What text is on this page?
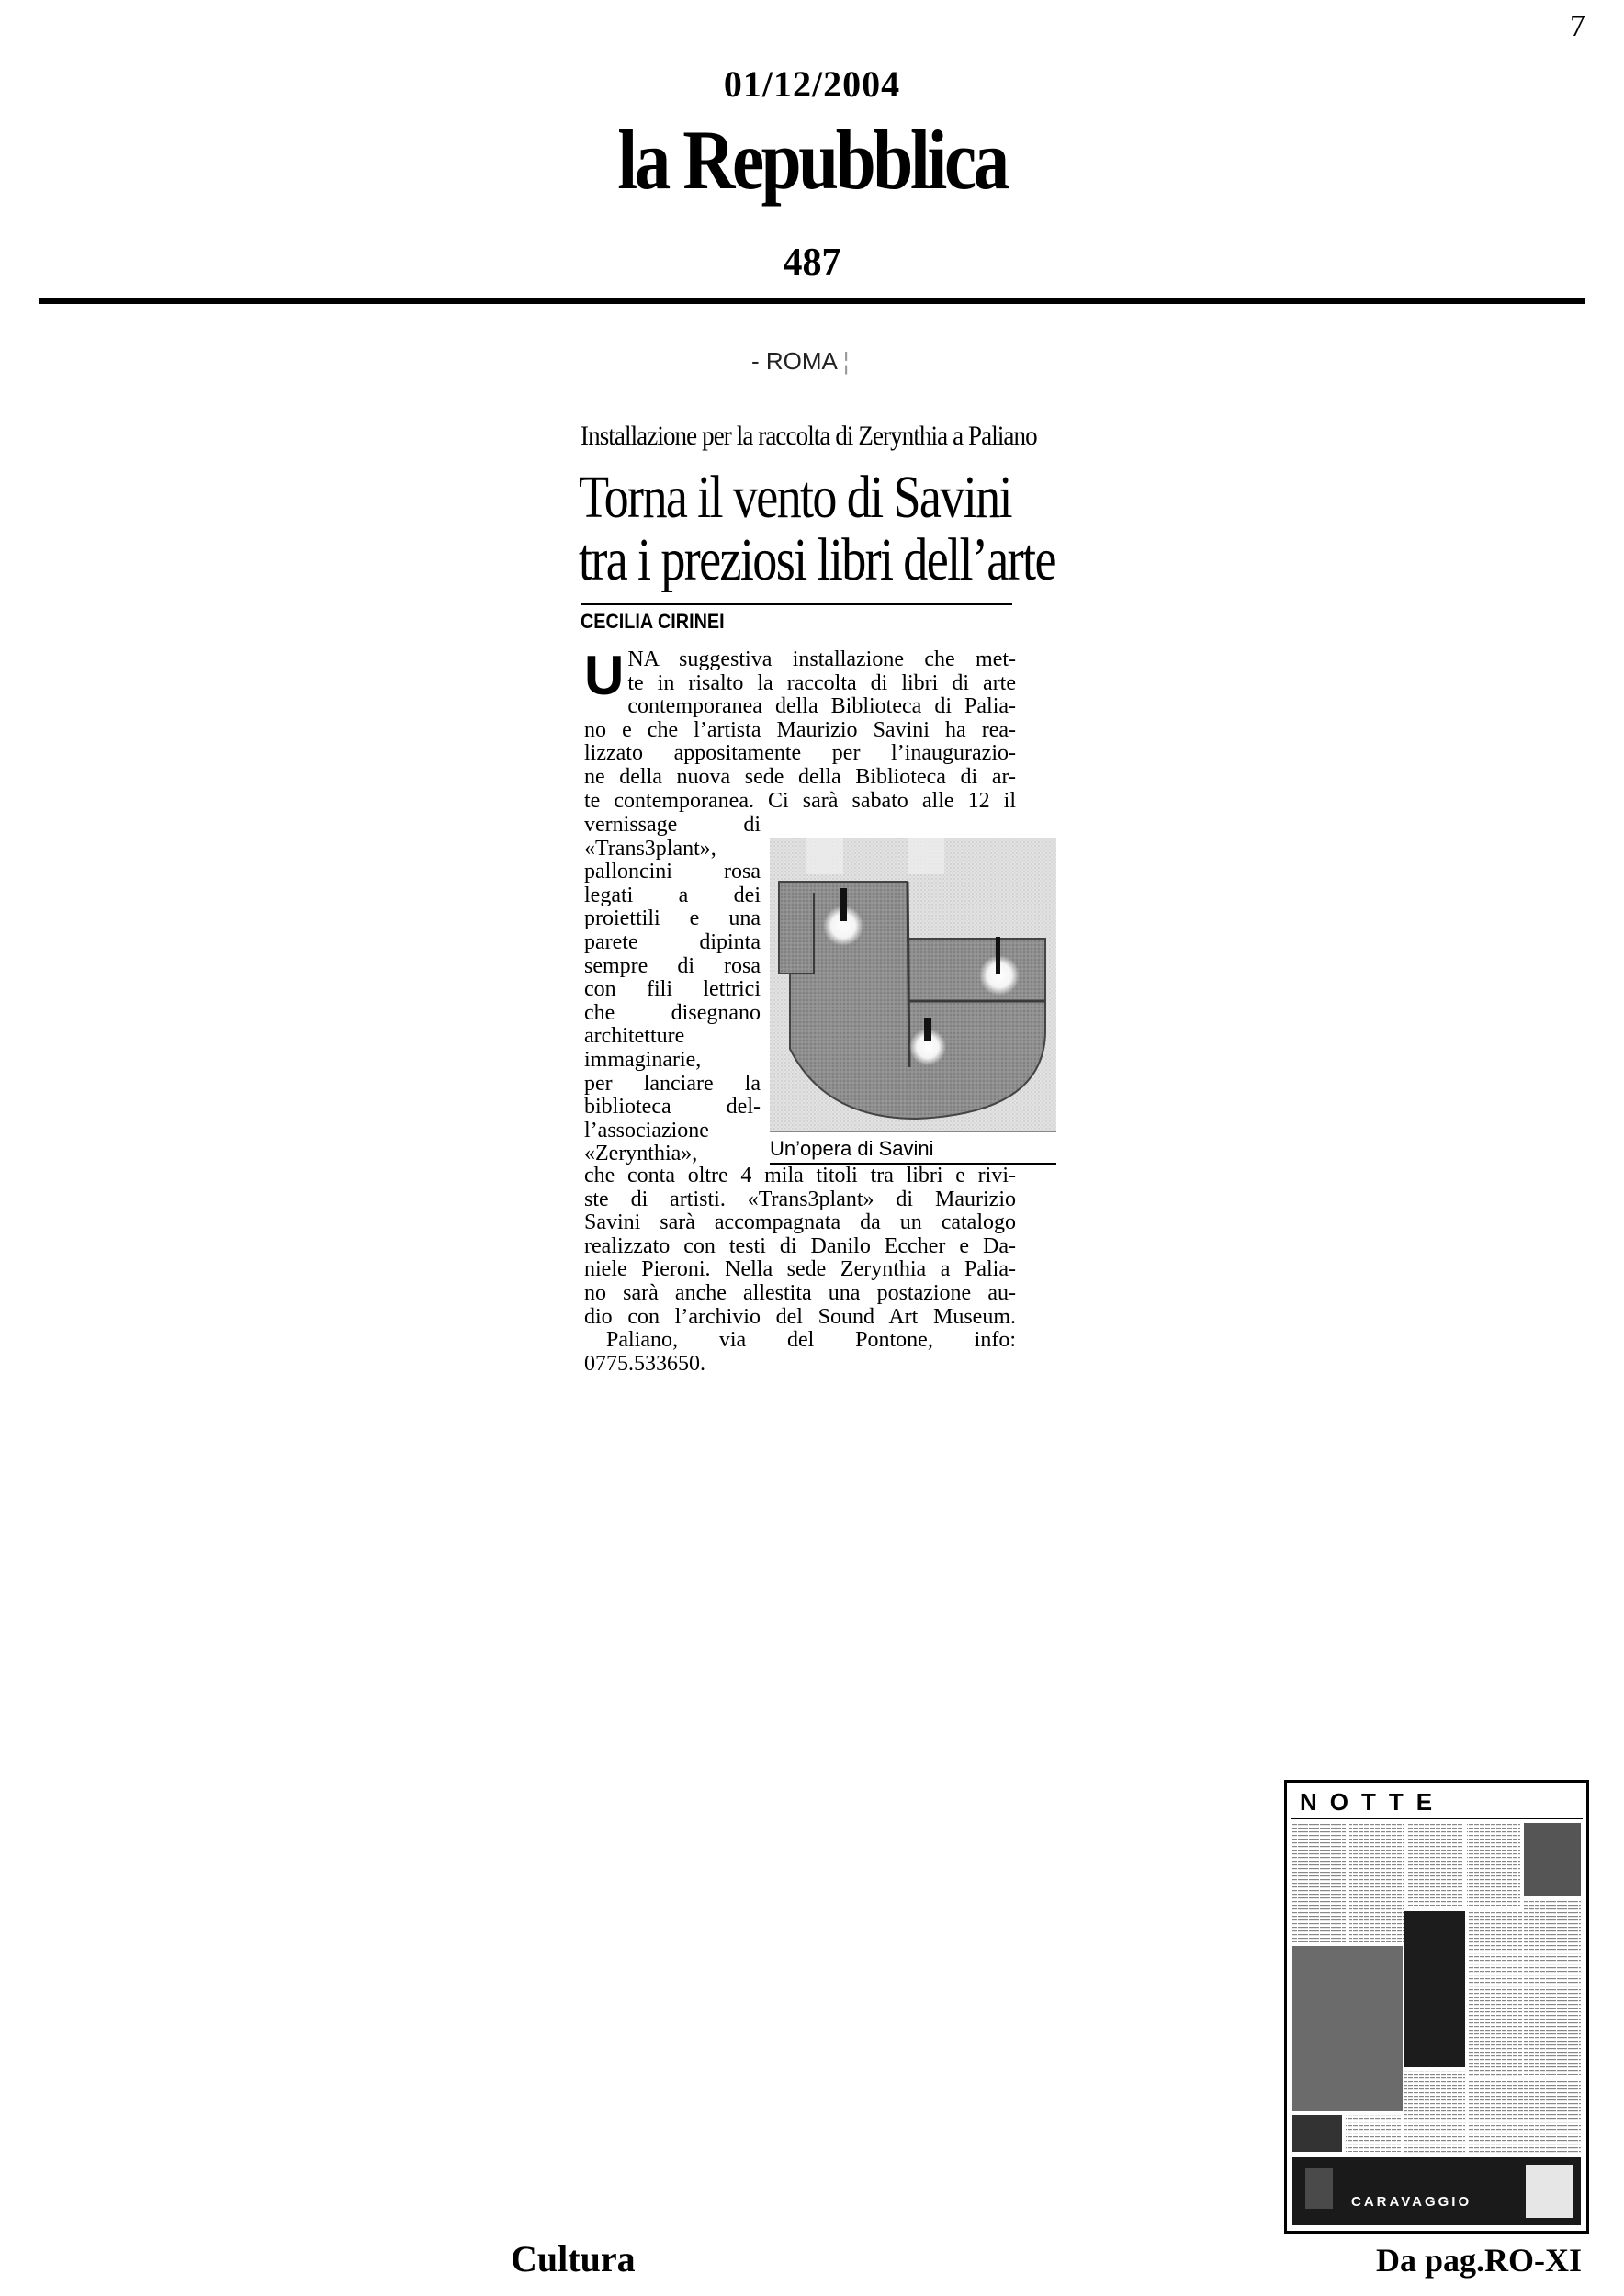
7
01/12/2004
la Repubblica
487
- ROMA ¦
Installazione per la raccolta di Zerynthia a Paliano
Torna il vento di Savini
tra i preziosi libri dell’arte
CECILIA CIRINEI
U NA suggestiva installazione che met-
te in risalto la raccolta di libri di arte
contemporanea della Biblioteca di Palia-
no e che l’artista Maurizio Savini ha rea-
lizzato appositamente per l’inaugurazio-
ne della nuova sede della Biblioteca di ar-
te contemporanea. Ci sarà sabato alle 12 il
vernissage di
«Trans3plant»,
palloncini rosa
legati a dei
proiettili e una
parete dipinta
sempre di rosa
con fili lettrici
che disegnano
architetture
immaginarie,
per lanciare la
biblioteca del-
l’associazione
«Zerynthia»,	Un’opera di Savini
che conta oltre 4 mila titoli tra libri e rivi-
ste di artisti. «Trans3plant» di Maurizio
Savini sarà accompagnata da un catalogo
realizzato con testi di Danilo Eccher e Da-
niele Pieroni. Nella sede Zerynthia a Palia-
no sarà anche allestita una postazione au-
dio con l’archivio del Sound Art Museum.
Paliano, via del Pontone, info:
0775.533650.
NOTTE
CARAVAGGIO
Cultura	Da pag.RO-XI
